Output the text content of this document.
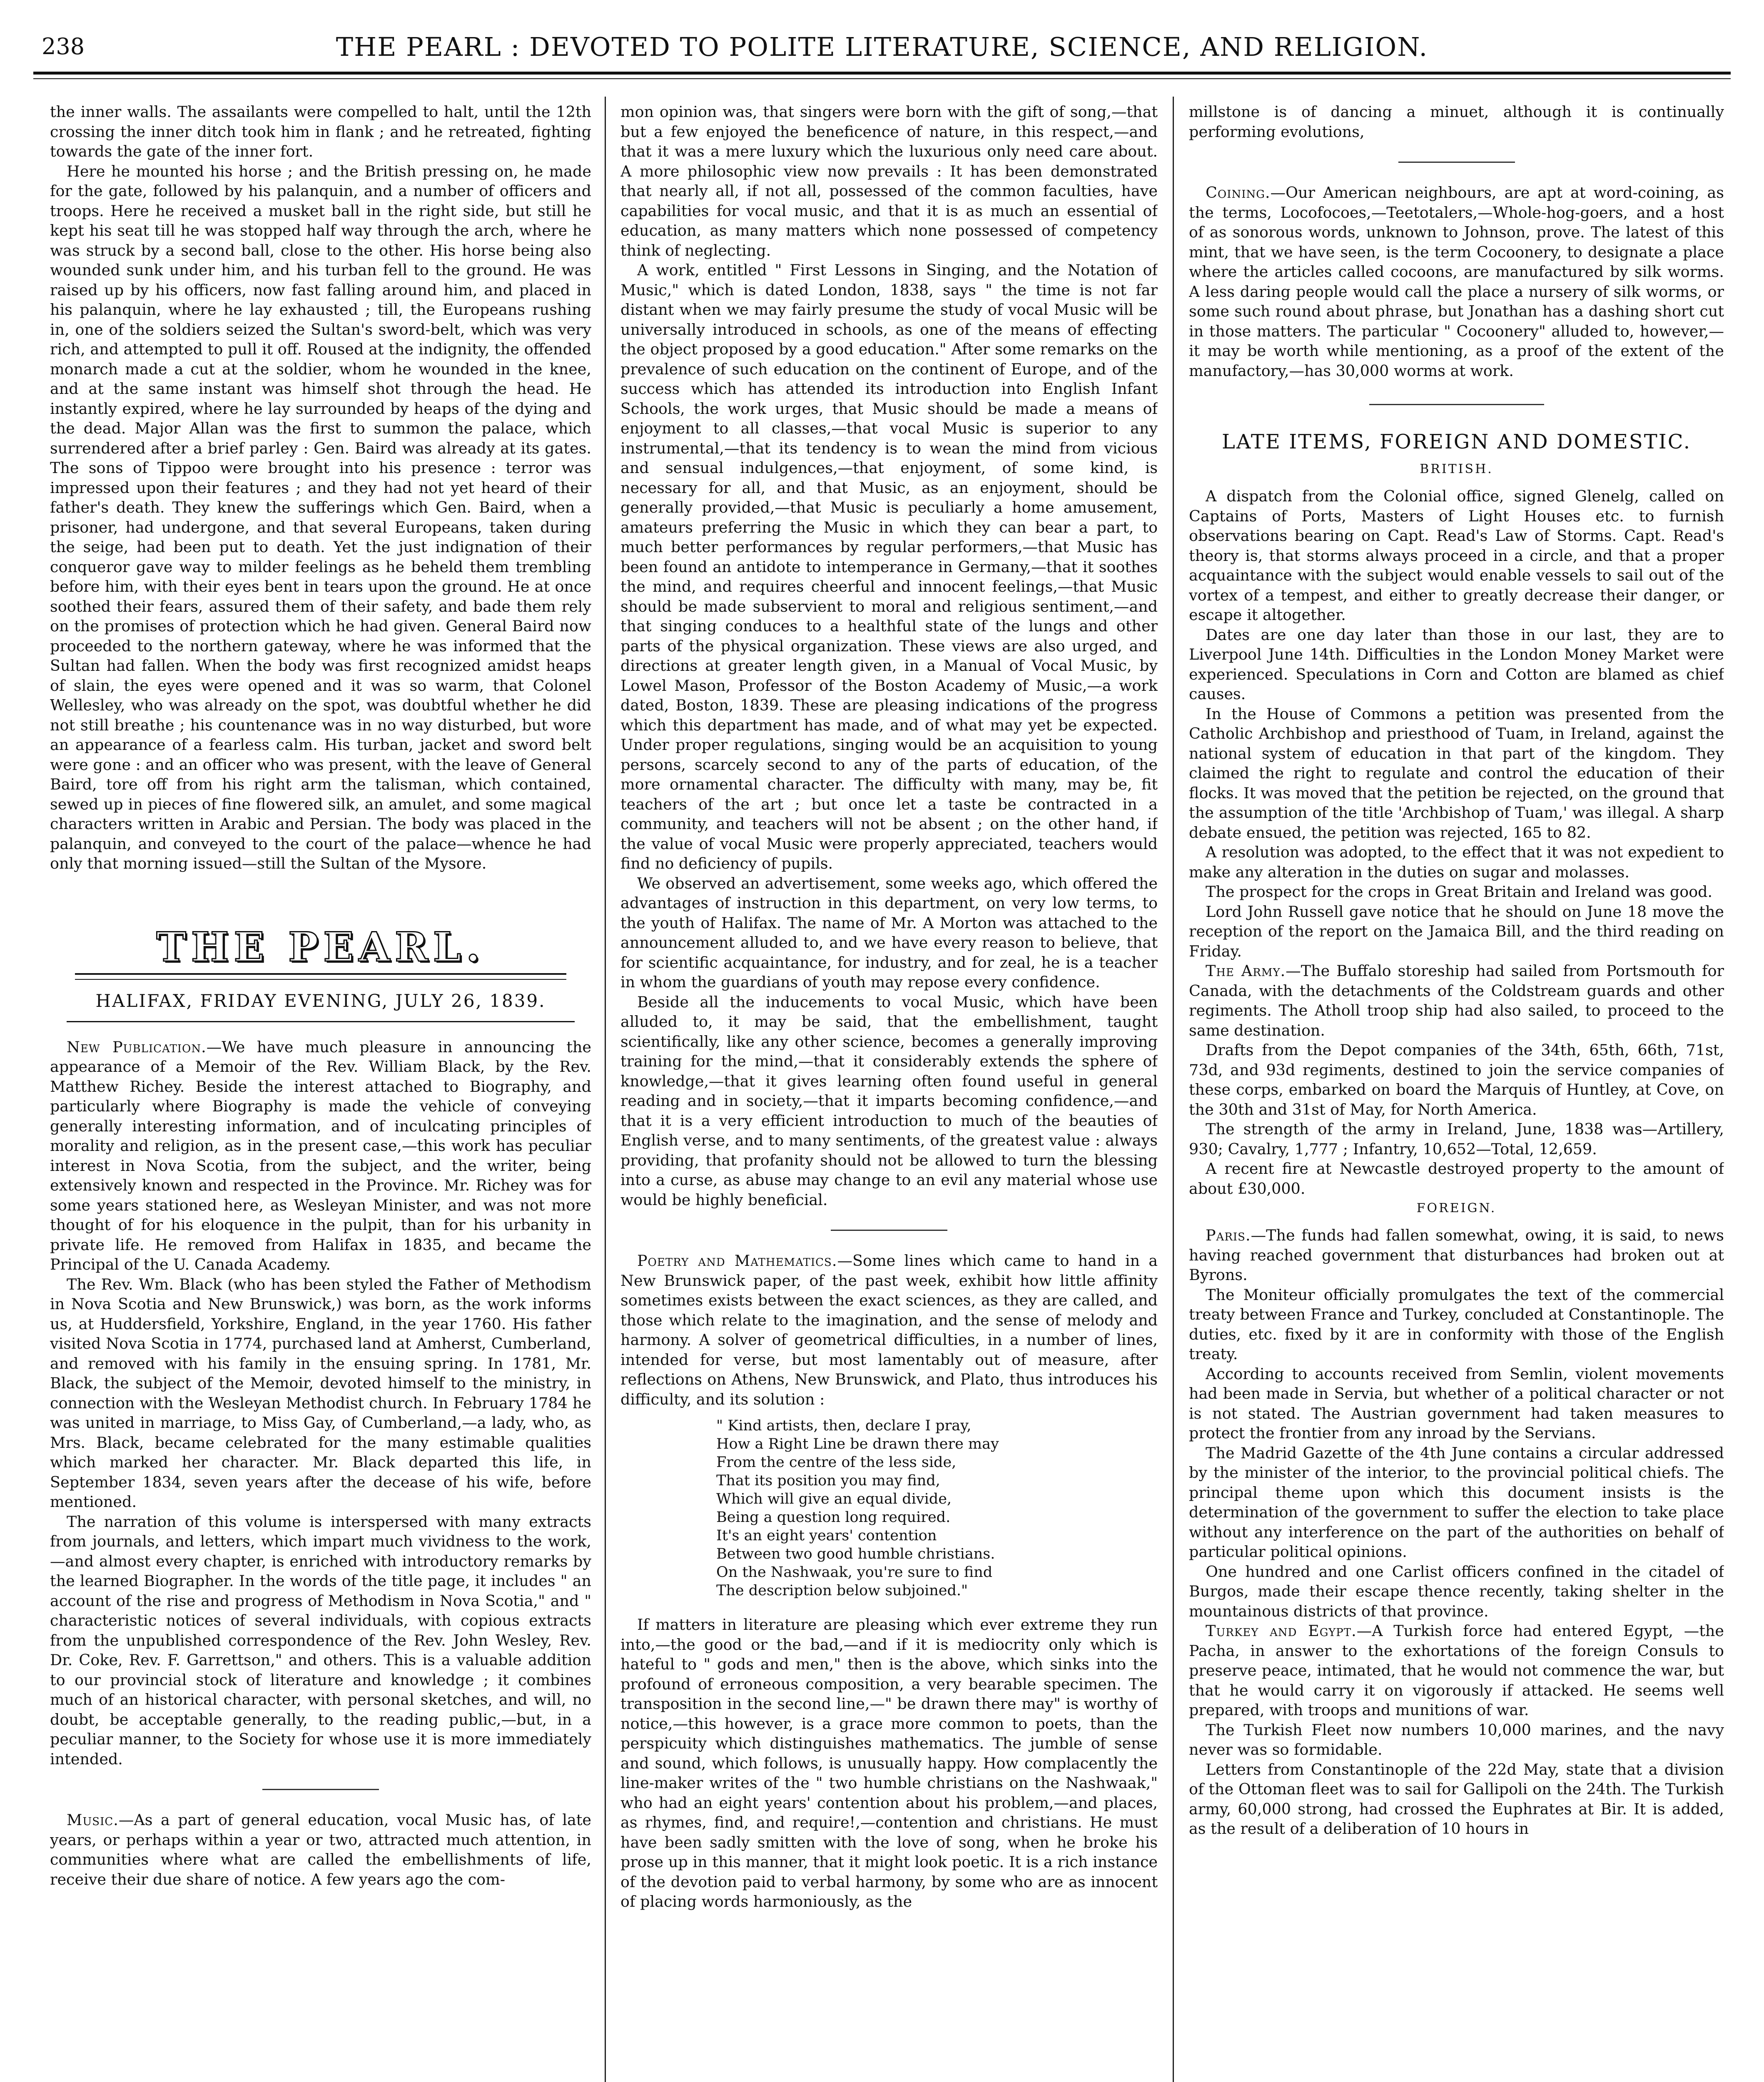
238	THE PEARL : DEVOTED TO POLITE LITERATURE, SCIENCE, AND RELIGION.

the inner walls. The assailants were compelled to halt, until the 12th crossing the inner ditch took him in flank ; and he retreated, fighting towards the gate of the inner fort.

Here he mounted his horse ; and the British pressing on, he made for the gate, followed by his palanquin, and a number of officers and troops. Here he received a musket ball in the right side, but still he kept his seat till he was stopped half way through the arch, where he was struck by a second ball, close to the other. His horse being also wounded sunk under him, and his turban fell to the ground. He was raised up by his officers, now fast falling around him, and placed in his palanquin, where he lay exhausted ; till, the Europeans rushing in, one of the soldiers seized the Sultan's sword-belt, which was very rich, and attempted to pull it off. Roused at the indignity, the offended monarch made a cut at the soldier, whom he wounded in the knee, and at the same instant was himself shot through the head. He instantly expired, where he lay surrounded by heaps of the dying and the dead. Major Allan was the first to summon the palace, which surrendered after a brief parley : Gen. Baird was already at its gates. The sons of Tippoo were brought into his presence : terror was impressed upon their features ; and they had not yet heard of their father's death. They knew the sufferings which Gen. Baird, when a prisoner, had undergone, and that several Europeans, taken during the seige, had been put to death. Yet the just indignation of their conqueror gave way to milder feelings as he beheld them trembling before him, with their eyes bent in tears upon the ground. He at once soothed their fears, assured them of their safety, and bade them rely on the promises of protection which he had given. General Baird now proceeded to the northern gateway, where he was informed that the Sultan had fallen. When the body was first recognized amidst heaps of slain, the eyes were opened and it was so warm, that Colonel Wellesley, who was already on the spot, was doubtful whether he did not still breathe ; his countenance was in no way disturbed, but wore an appearance of a fearless calm. His turban, jacket and sword belt were gone : and an officer who was present, with the leave of General Baird, tore off from his right arm the talisman, which contained, sewed up in pieces of fine flowered silk, an amulet, and some magical characters written in Arabic and Persian. The body was placed in the palanquin, and conveyed to the court of the palace—whence he had only that morning issued—still the Sultan of the Mysore.

THE PEARL.
HALIFAX, FRIDAY EVENING, JULY 26, 1839.

New Publication.—We have much pleasure in announcing the appearance of a Memoir of the Rev. William Black, by the Rev. Matthew Richey. Beside the interest attached to Biography, and particularly where Biography is made the vehicle of conveying generally interesting information, and of inculcating principles of morality and religion, as in the present case,—this work has peculiar interest in Nova Scotia, from the subject, and the writer, being extensively known and respected in the Province. Mr. Richey was for some years stationed here, as Wesleyan Minister, and was not more thought of for his eloquence in the pulpit, than for his urbanity in private life. He removed from Halifax in 1835, and became the Principal of the U. Canada Academy.

The Rev. Wm. Black (who has been styled the Father of Methodism in Nova Scotia and New Brunswick,) was born, as the work informs us, at Huddersfield, Yorkshire, England, in the year 1760. His father visited Nova Scotia in 1774, purchased land at Amherst, Cumberland, and removed with his family in the ensuing spring. In 1781, Mr. Black, the subject of the Memoir, devoted himself to the ministry, in connection with the Wesleyan Methodist church. In February 1784 he was united in marriage, to Miss Gay, of Cumberland,—a lady, who, as Mrs. Black, became celebrated for the many estimable qualities which marked her character. Mr. Black departed this life, in September 1834, seven years after the decease of his wife, before mentioned.

The narration of this volume is interspersed with many extracts from journals, and letters, which impart much vividness to the work,—and almost every chapter, is enriched with introductory remarks by the learned Biographer. In the words of the title page, it includes " an account of the rise and progress of Methodism in Nova Scotia," and " characteristic notices of several individuals, with copious extracts from the unpublished correspondence of the Rev. John Wesley, Rev. Dr. Coke, Rev. F. Garrettson," and others. This is a valuable addition to our provincial stock of literature and knowledge ; it combines much of an historical character, with personal sketches, and will, no doubt, be acceptable generally, to the reading public,—but, in a peculiar manner, to the Society for whose use it is more immediately intended.

Music.—As a part of general education, vocal Music has, of late years, or perhaps within a year or two, attracted much attention, in communities where what are called the embellishments of life, receive their due share of notice. A few years ago the com-

mon opinion was, that singers were born with the gift of song,—that but a few enjoyed the beneficence of nature, in this respect,—and that it was a mere luxury which the luxurious only need care about. A more philosophic view now prevails : It has been demonstrated that nearly all, if not all, possessed of the common faculties, have capabilities for vocal music, and that it is as much an essential of education, as many matters which none possessed of competency think of neglecting.

A work, entitled " First Lessons in Singing, and the Notation of Music," which is dated London, 1838, says " the time is not far distant when we may fairly presume the study of vocal Music will be universally introduced in schools, as one of the means of effecting the object proposed by a good education." After some remarks on the prevalence of such education on the continent of Europe, and of the success which has attended its introduction into English Infant Schools, the work urges, that Music should be made a means of enjoyment to all classes,—that vocal Music is superior to any instrumental,—that its tendency is to wean the mind from vicious and sensual indulgences,—that enjoyment, of some kind, is necessary for all, and that Music, as an enjoyment, should be generally provided,—that Music is peculiarly a home amusement, amateurs preferring the Music in which they can bear a part, to much better performances by regular performers,—that Music has been found an antidote to intemperance in Germany,—that it soothes the mind, and requires cheerful and innocent feelings,—that Music should be made subservient to moral and religious sentiment,—and that singing conduces to a healthful state of the lungs and other parts of the physical organization. These views are also urged, and directions at greater length given, in a Manual of Vocal Music, by Lowel Mason, Professor of the Boston Academy of Music,—a work dated, Boston, 1839. These are pleasing indications of the progress which this department has made, and of what may yet be expected. Under proper regulations, singing would be an acquisition to young persons, scarcely second to any of the parts of education, of the more ornamental character. The difficulty with many, may be, fit teachers of the art ; but once let a taste be contracted in a community, and teachers will not be absent ; on the other hand, if the value of vocal Music were properly appreciated, teachers would find no deficiency of pupils.

We observed an advertisement, some weeks ago, which offered the advantages of instruction in this department, on very low terms, to the youth of Halifax. The name of Mr. A Morton was attached to the announcement alluded to, and we have every reason to believe, that for scientific acquaintance, for industry, and for zeal, he is a teacher in whom the guardians of youth may repose every confidence.

Beside all the inducements to vocal Music, which have been alluded to, it may be said, that the embellishment, taught scientifically, like any other science, becomes a generally improving training for the mind,—that it considerably extends the sphere of knowledge,—that it gives learning often found useful in general reading and in society,—that it imparts becoming confidence,—and that it is a very efficient introduction to much of the beauties of English verse, and to many sentiments, of the greatest value : always providing, that profanity should not be allowed to turn the blessing into a curse, as abuse may change to an evil any material whose use would be highly beneficial.

Poetry and Mathematics.—Some lines which came to hand in a New Brunswick paper, of the past week, exhibit how little affinity sometimes exists between the exact sciences, as they are called, and those which relate to the imagination, and the sense of melody and harmony. A solver of geometrical difficulties, in a number of lines, intended for verse, but most lamentably out of measure, after reflections on Athens, New Brunswick, and Plato, thus introduces his difficulty, and its solution :

" Kind artists, then, declare I pray,
How a Right Line be drawn there may
From the centre of the less side,
That its position you may find,
Which will give an equal divide,
Being a question long required.
It's an eight years' contention
Between two good humble christians.
On the Nashwaak, you're sure to find
The description below subjoined."

If matters in literature are pleasing which ever extreme they run into,—the good or the bad,—and if it is mediocrity only which is hateful to " gods and men," then is the above, which sinks into the profound of erroneous composition, a very bearable specimen. The transposition in the second line,—" be drawn there may" is worthy of notice,—this however, is a grace more common to poets, than the perspicuity which distinguishes mathematics. The jumble of sense and sound, which follows, is unusually happy. How complacently the line-maker writes of the " two humble christians on the Nashwaak," who had an eight years' contention about his problem,—and places, as rhymes, find, and require!,—contention and christians. He must have been sadly smitten with the love of song, when he broke his prose up in this manner, that it might look poetic. It is a rich instance of the devotion paid to verbal harmony, by some who are as innocent of placing words harmoniously, as the

millstone is of dancing a minuet, although it is continually performing evolutions,

Coining.—Our American neighbours, are apt at word-coining, as the terms, Locofocoes,—Teetotalers,—Whole-hog-goers, and a host of as sonorous words, unknown to Johnson, prove. The latest of this mint, that we have seen, is the term Cocoonery, to designate a place where the articles called cocoons, are manufactured by silk worms. A less daring people would call the place a nursery of silk worms, or some such round about phrase, but Jonathan has a dashing short cut in those matters. The particular " Cocoonery" alluded to, however,—it may be worth while mentioning, as a proof of the extent of the manufactory,—has 30,000 worms at work.

LATE ITEMS, FOREIGN AND DOMESTIC.
BRITISH.

A dispatch from the Colonial office, signed Glenelg, called on Captains of Ports, Masters of Light Houses etc. to furnish observations bearing on Capt. Read's Law of Storms. Capt. Read's theory is, that storms always proceed in a circle, and that a proper acquaintance with the subject would enable vessels to sail out of the vortex of a tempest, and either to greatly decrease their danger, or escape it altogether.

Dates are one day later than those in our last, they are to Liverpool June 14th. Difficulties in the London Money Market were experienced. Speculations in Corn and Cotton are blamed as chief causes.

In the House of Commons a petition was presented from the Catholic Archbishop and priesthood of Tuam, in Ireland, against the national system of education in that part of the kingdom. They claimed the right to regulate and control the education of their flocks. It was moved that the petition be rejected, on the ground that the assumption of the title 'Archbishop of Tuam,' was illegal. A sharp debate ensued, the petition was rejected, 165 to 82.

A resolution was adopted, to the effect that it was not expedient to make any alteration in the duties on sugar and molasses.

The prospect for the crops in Great Britain and Ireland was good.

Lord John Russell gave notice that he should on June 18 move the reception of the report on the Jamaica Bill, and the third reading on Friday.

The Army.—The Buffalo storeship had sailed from Portsmouth for Canada, with the detachments of the Coldstream guards and other regiments. The Atholl troop ship had also sailed, to proceed to the same destination.

Drafts from the Depot companies of the 34th, 65th, 66th, 71st, 73d, and 93d regiments, destined to join the service companies of these corps, embarked on board the Marquis of Huntley, at Cove, on the 30th and 31st of May, for North America.

The strength of the army in Ireland, June, 1838 was—Artillery, 930; Cavalry, 1,777 ; Infantry, 10,652—Total, 12,659.

A recent fire at Newcastle destroyed property to the amount of about £30,000.

FOREIGN.

Paris.—The funds had fallen somewhat, owing, it is said, to news having reached government that disturbances had broken out at Byrons.

The Moniteur officially promulgates the text of the commercial treaty between France and Turkey, concluded at Constantinople. The duties, etc. fixed by it are in conformity with those of the English treaty.

According to accounts received from Semlin, violent movements had been made in Servia, but whether of a political character or not is not stated. The Austrian government had taken measures to protect the frontier from any inroad by the Servians.

The Madrid Gazette of the 4th June contains a circular addressed by the minister of the interior, to the provincial political chiefs. The principal theme upon which this document insists is the determination of the government to suffer the election to take place without any interference on the part of the authorities on behalf of particular political opinions.

One hundred and one Carlist officers confined in the citadel of Burgos, made their escape thence recently, taking shelter in the mountainous districts of that province.

Turkey and Egypt.—A Turkish force had entered Egypt, —the Pacha, in answer to the exhortations of the foreign Consuls to preserve peace, intimated, that he would not commence the war, but that he would carry it on vigorously if attacked. He seems well prepared, with troops and munitions of war.

The Turkish Fleet now numbers 10,000 marines, and the navy never was so formidable.

Letters from Constantinople of the 22d May, state that a division of the Ottoman fleet was to sail for Gallipoli on the 24th. The Turkish army, 60,000 strong, had crossed the Euphrates at Bir. It is added, as the result of a deliberation of 10 hours in
